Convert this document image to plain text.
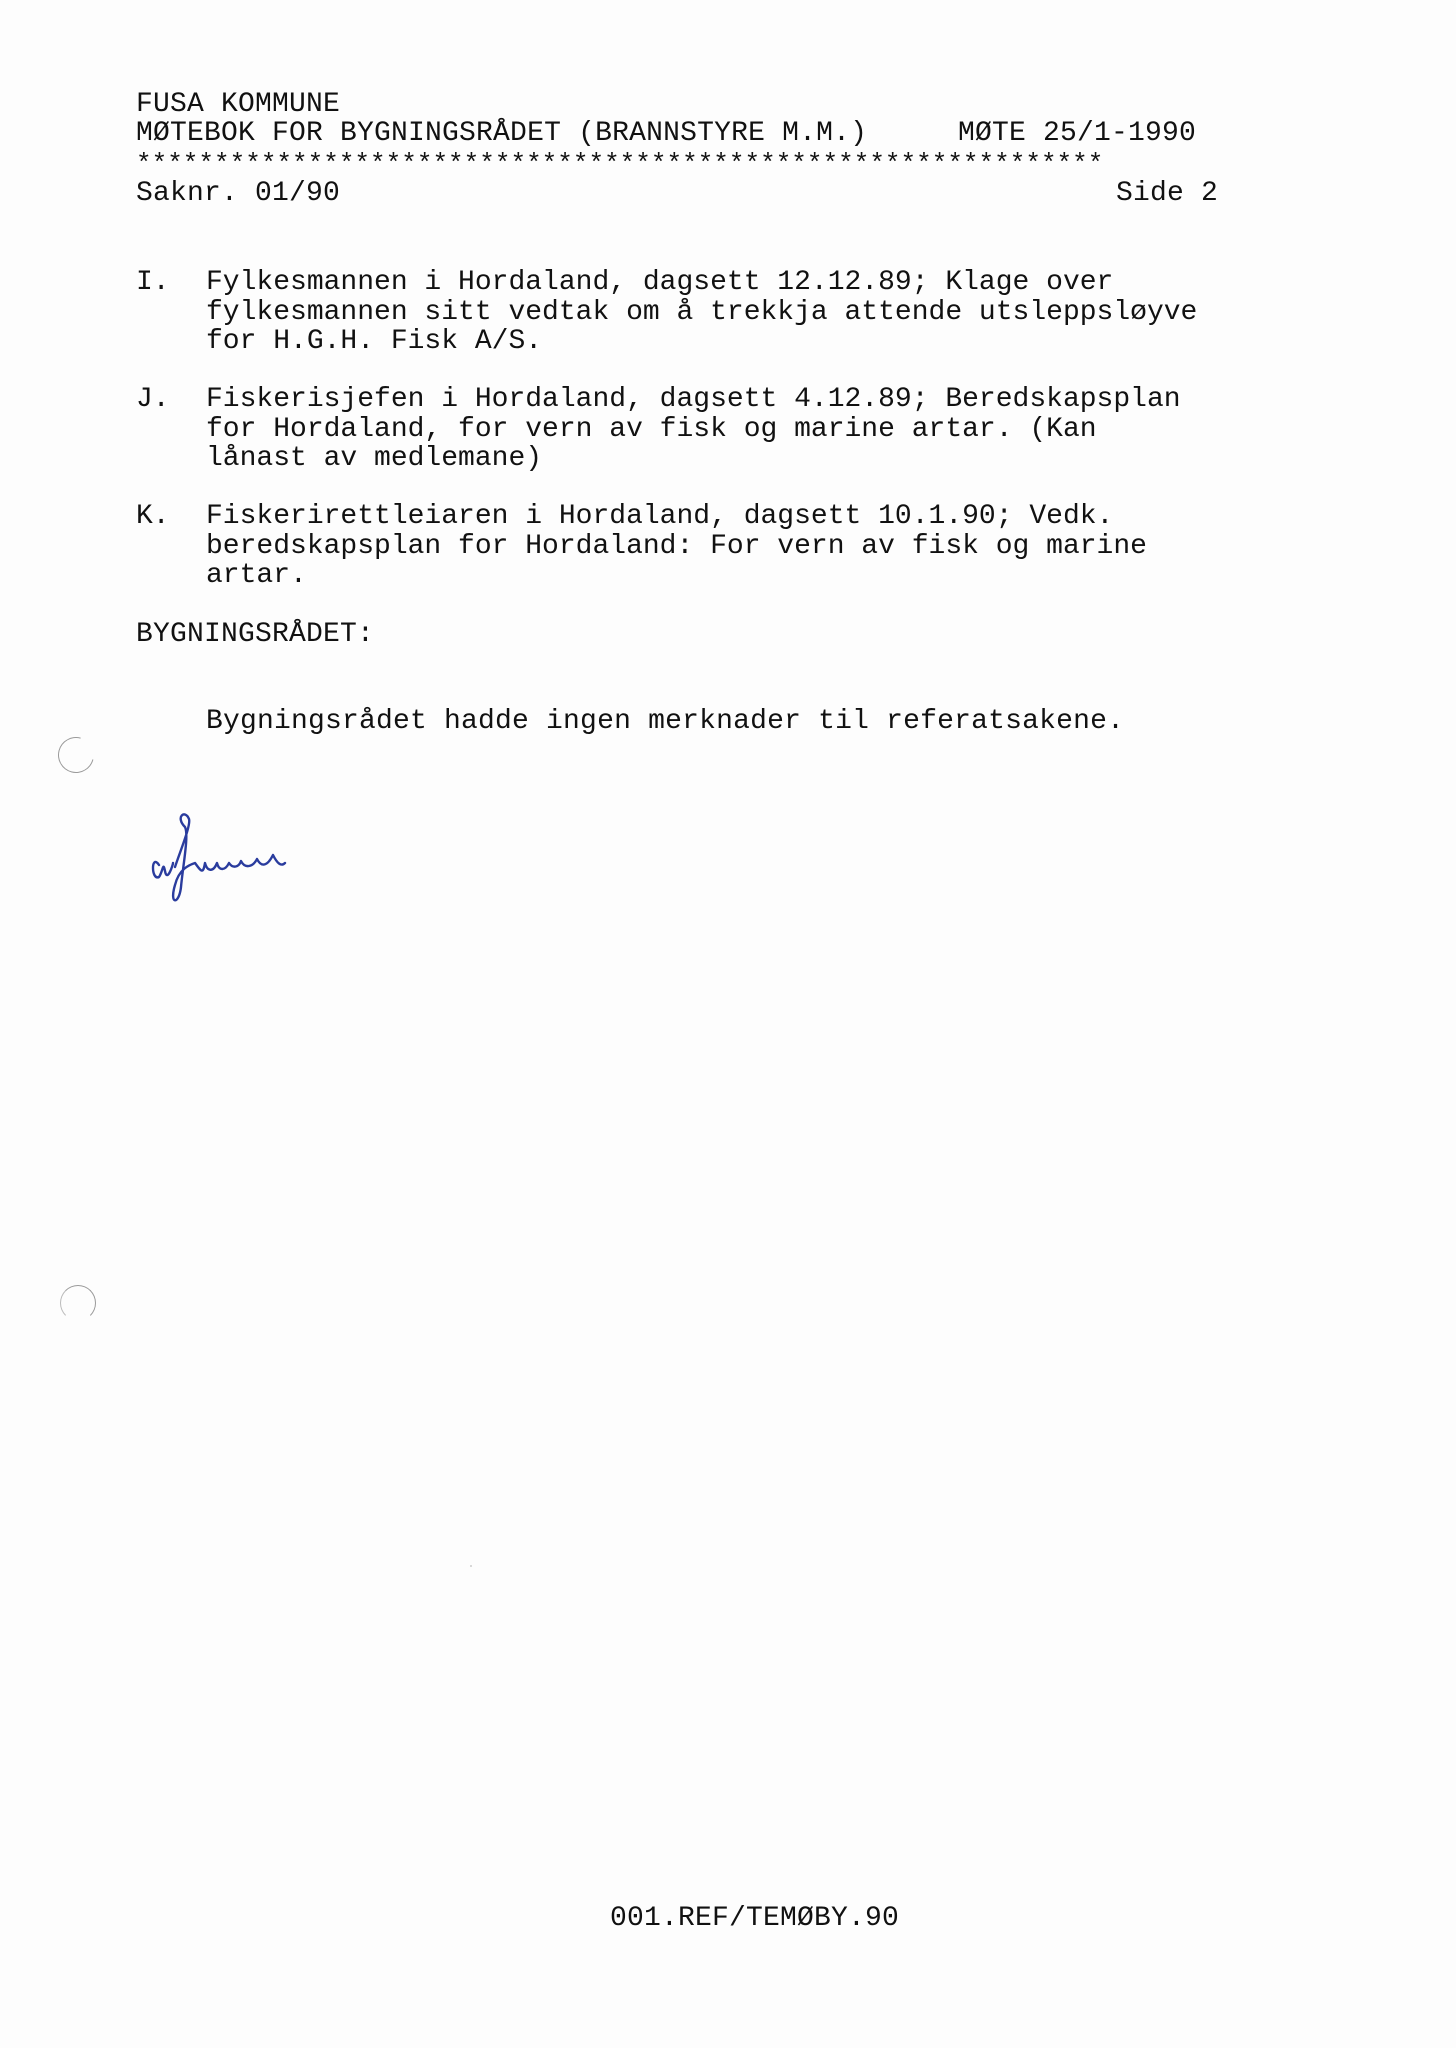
FUSA KOMMUNE
MØTEBOK FOR BYGNINGSRÅDET (BRANNSTYRE M.M.)	MØTE 25/1-1990
**************************************************************
Saknr. 01/90	Side 2
I. Fylkesmannen i Hordaland, dagsett 12.12.89; Klage over
fylkesmannen sitt vedtak om å trekkja attende utsleppsløyve
for H.G.H. Fisk A/S.
J. Fiskerisjefen i Hordaland, dagsett 4.12.89; Beredskapsplan
for Hordaland, for vern av fisk og marine artar. (Kan
lånast av medlemane)
K. Fiskerirettleiaren i Hordaland, dagsett 10.1.90; Vedk.
beredskapsplan for Hordaland: For vern av fisk og marine
artar.
BYGNINGSRÅDET:
Bygningsrådet hadde ingen merknader til referatsakene.
001.REF/TEMØBY.90
